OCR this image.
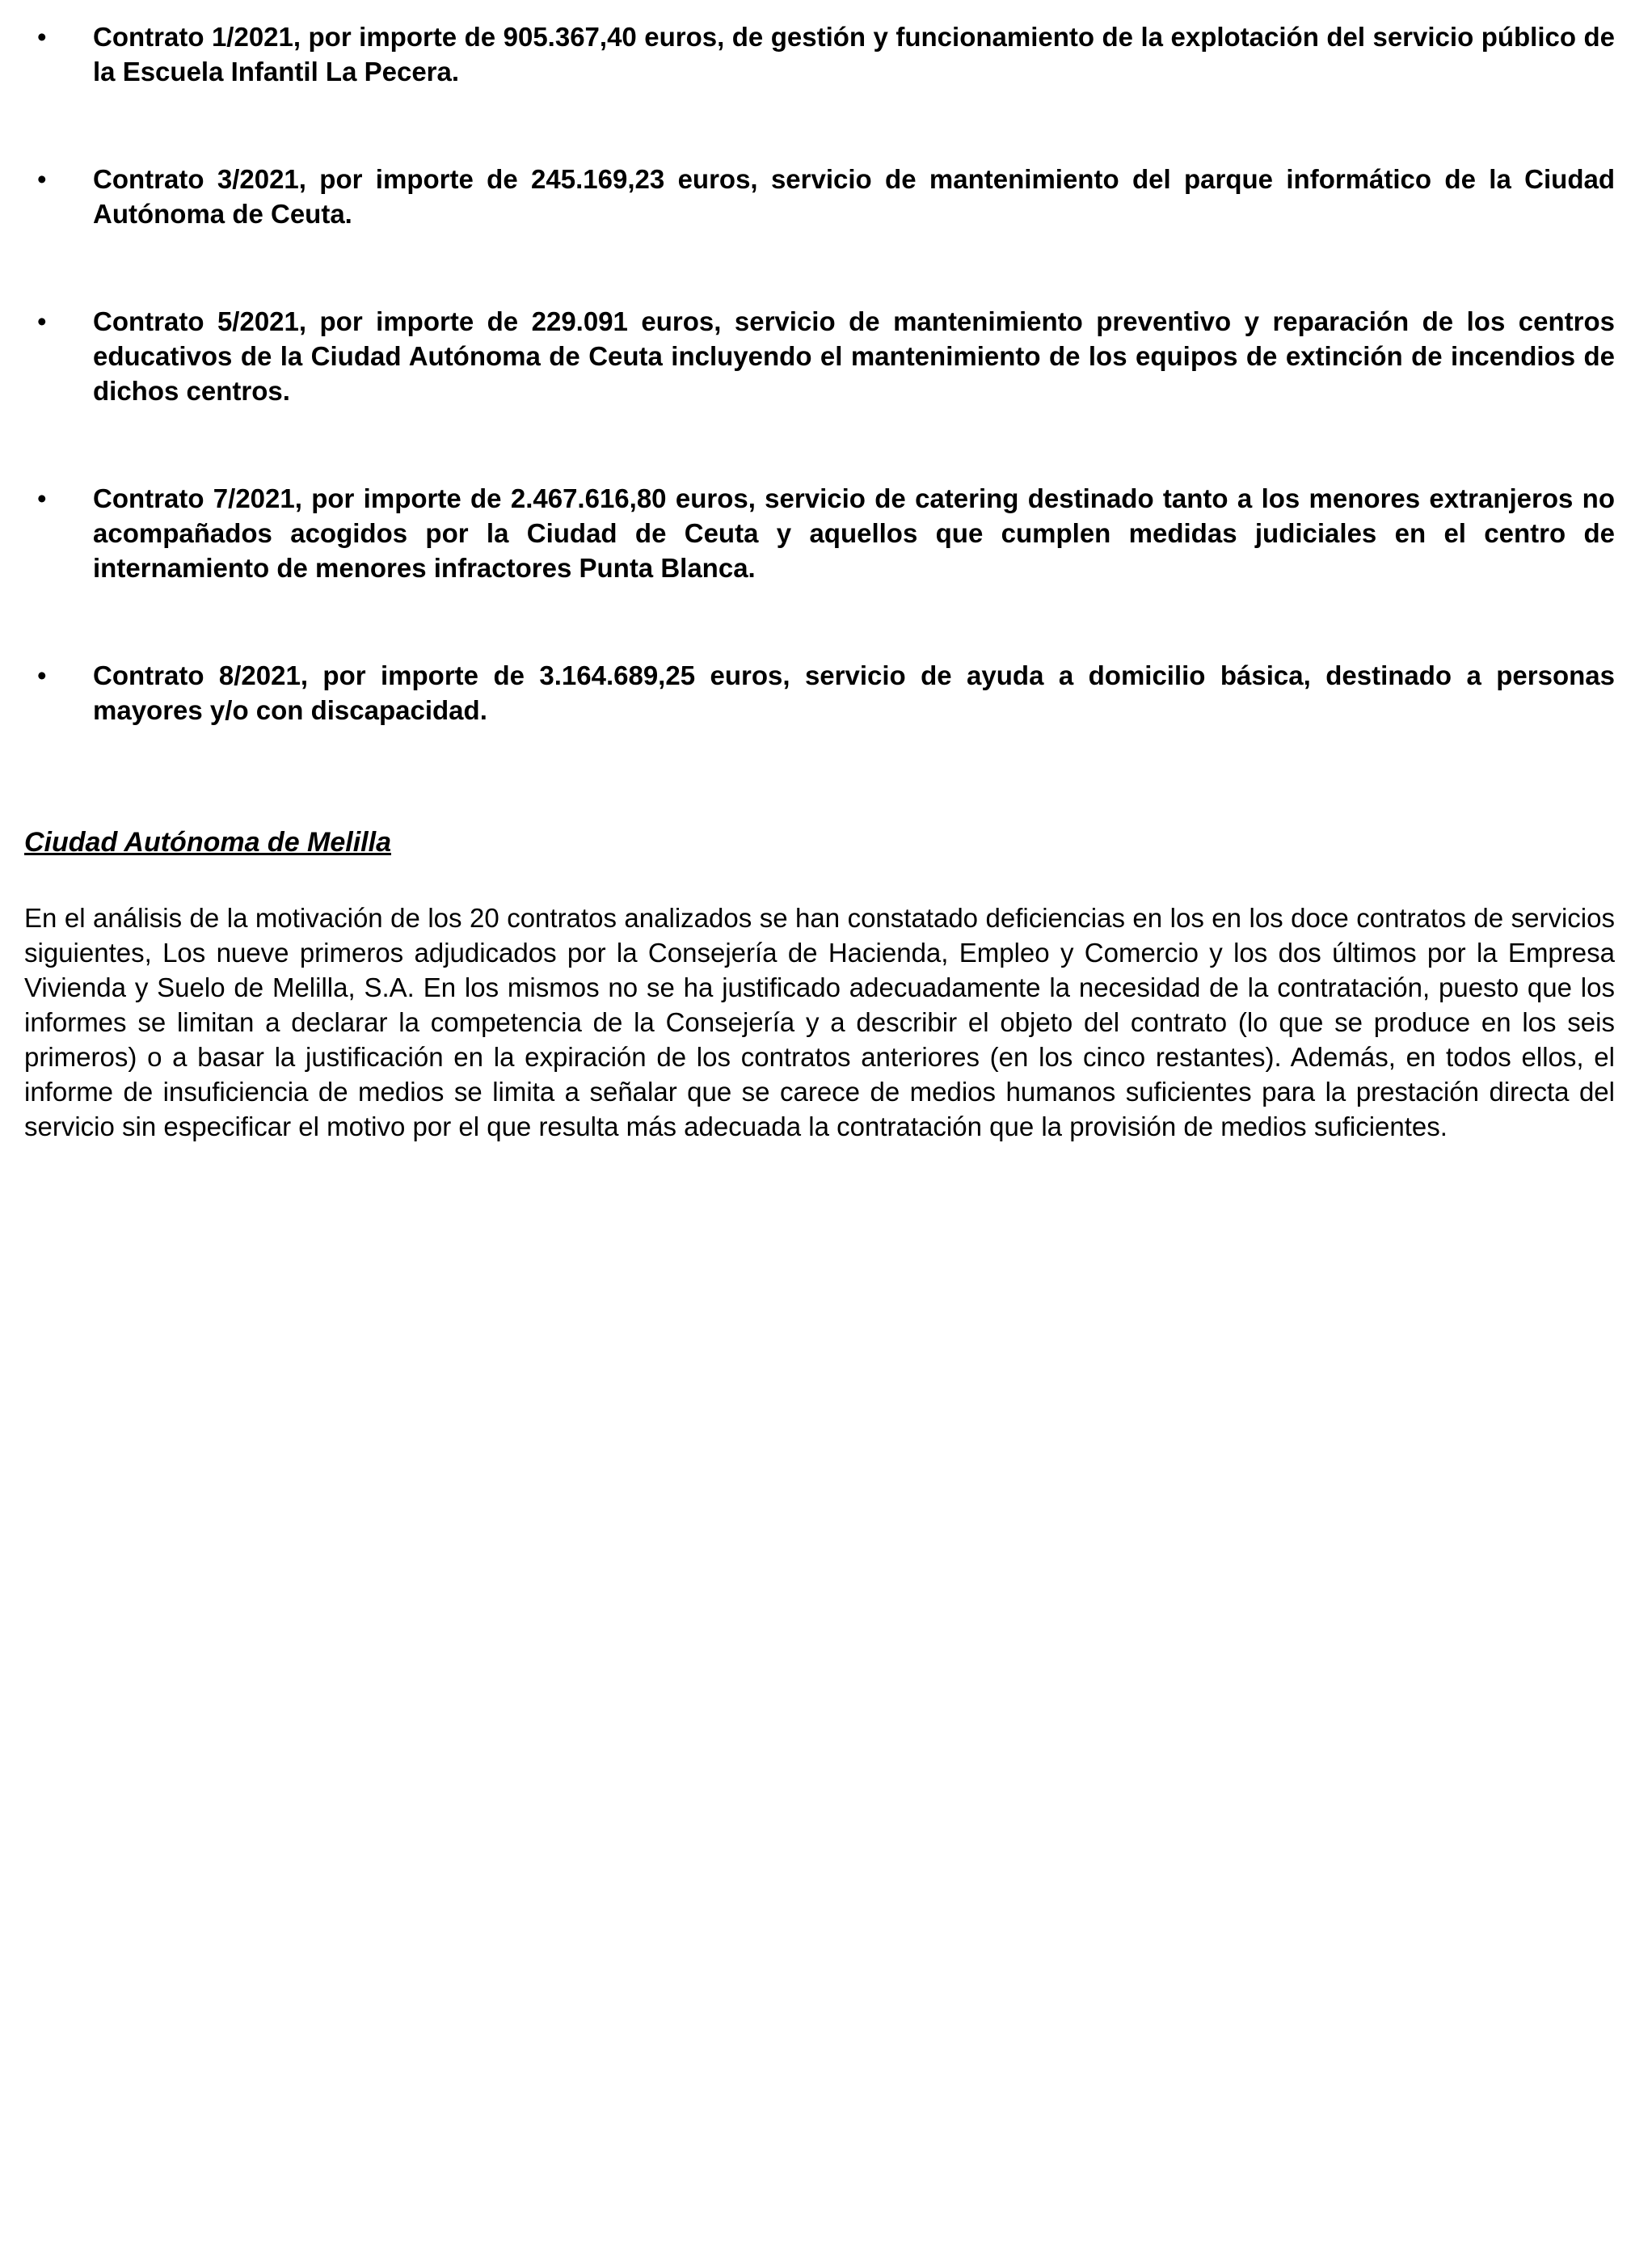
•	Contrato 1/2021, por importe de 905.367,40 euros, de gestión y funcionamiento de la explotación del servicio público de la Escuela Infantil La Pecera.
•	Contrato 3/2021, por importe de 245.169,23 euros, servicio de mantenimiento del parque informático de la Ciudad Autónoma de Ceuta.
•	Contrato 5/2021, por importe de 229.091 euros, servicio de mantenimiento preventivo y reparación de los centros educativos de la Ciudad Autónoma de Ceuta incluyendo el mantenimiento de los equipos de extinción de incendios de dichos centros.
•	Contrato 7/2021, por importe de 2.467.616,80 euros, servicio de catering destinado tanto a los menores extranjeros no acompañados acogidos por la Ciudad de Ceuta y aquellos que cumplen medidas judiciales en el centro de internamiento de menores infractores Punta Blanca.
•	Contrato 8/2021, por importe de 3.164.689,25 euros, servicio de ayuda a domicilio básica, destinado a personas mayores y/o con discapacidad.
Ciudad Autónoma de Melilla

En el análisis de la motivación de los 20 contratos analizados se han constatado deficiencias en los en los doce contratos de servicios siguientes, Los nueve primeros adjudicados por la Consejería de Hacienda, Empleo y Comercio y los dos últimos por la Empresa Vivienda y Suelo de Melilla, S.A. En los mismos no se ha justificado adecuadamente la necesidad de la contratación, puesto que los informes se limitan a declarar la competencia de la Consejería y a describir el objeto del contrato (lo que se produce en los seis primeros) o a basar la justificación en la expiración de los contratos anteriores (en los cinco restantes). Además, en todos ellos, el informe de insuficiencia de medios se limita a señalar que se carece de medios humanos suficientes para la prestación directa del servicio sin especificar el motivo por el que resulta más adecuada la contratación que la provisión de medios suficientes.
